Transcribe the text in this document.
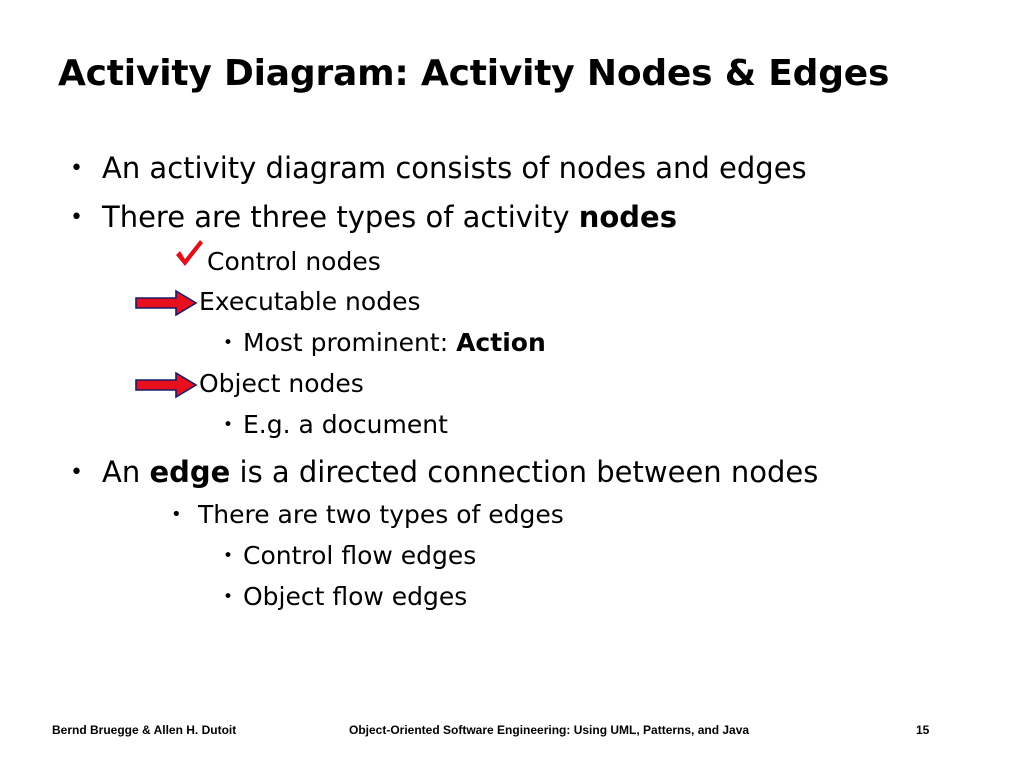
Activity Diagram: Activity Nodes & Edges
• An activity diagram consists of nodes and edges
• There are three types of activity nodes
Control nodes
Executable nodes
• Most prominent: Action
Object nodes
• E.g. a document
• An edge is a directed connection between nodes
• There are two types of edges
• Control flow edges
• Object flow edges
Bernd Bruegge & Allen H. Dutoit	Object-Oriented Software Engineering: Using UML, Patterns, and Java	15
